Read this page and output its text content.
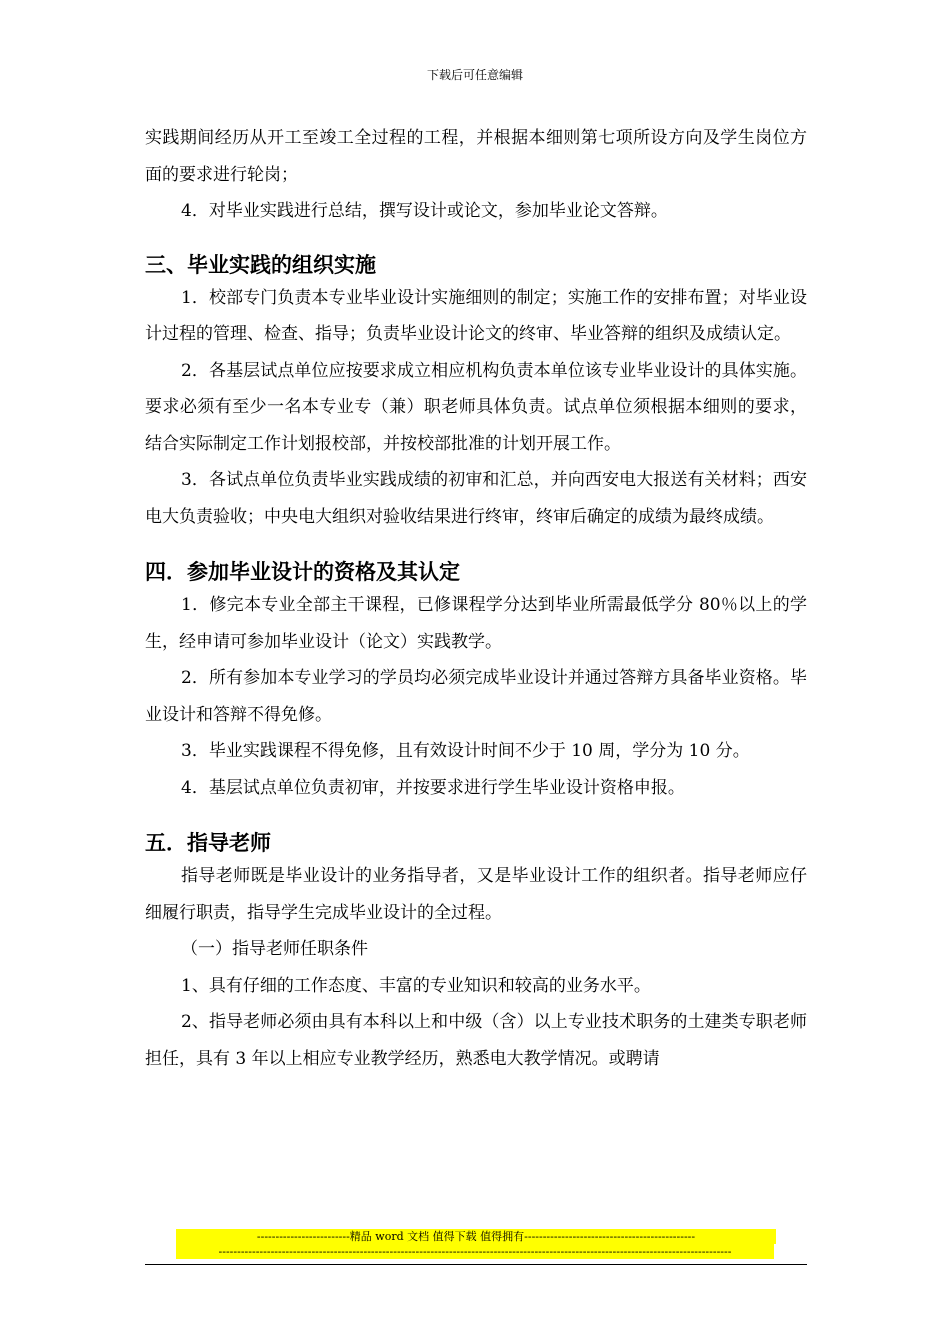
下载后可任意编辑

实践期间经历从开工至竣工全过程的工程，并根据本细则第七项所设方向及学生岗位方面的要求进行轮岗；

4．对毕业实践进行总结，撰写设计或论文，参加毕业论文答辩。

三、毕业实践的组织实施

1．校部专门负责本专业毕业设计实施细则的制定；实施工作的安排布置；对毕业设计过程的管理、检查、指导；负责毕业设计论文的终审、毕业答辩的组织及成绩认定。

2．各基层试点单位应按要求成立相应机构负责本单位该专业毕业设计的具体实施。要求必须有至少一名本专业专（兼）职老师具体负责。试点单位须根据本细则的要求，结合实际制定工作计划报校部，并按校部批准的计划开展工作。

3．各试点单位负责毕业实践成绩的初审和汇总，并向西安电大报送有关材料；西安电大负责验收；中央电大组织对验收结果进行终审，终审后确定的成绩为最终成绩。

四．参加毕业设计的资格及其认定

1．修完本专业全部主干课程，已修课程学分达到毕业所需最低学分 80％以上的学生，经申请可参加毕业设计（论文）实践教学。

2．所有参加本专业学习的学员均必须完成毕业设计并通过答辩方具备毕业资格。毕业设计和答辩不得免修。

3．毕业实践课程不得免修，且有效设计时间不少于 10 周，学分为 10 分。

4．基层试点单位负责初审，并按要求进行学生毕业设计资格申报。

五．指导老师

指导老师既是毕业设计的业务指导者，又是毕业设计工作的组织者。指导老师应仔细履行职责，指导学生完成毕业设计的全过程。

（一）指导老师任职条件

1、具有仔细的工作态度、丰富的专业知识和较高的业务水平。

2、指导老师必须由具有本科以上和中级（含）以上专业技术职务的土建类专职老师担任，具有 3 年以上相应专业教学经历，熟悉电大教学情况。或聘请

-------------------------精品 word 文档 值得下载 值得拥有----------------------------------------------
------------------------------------------------------------------------------------------------------------------------------------------
